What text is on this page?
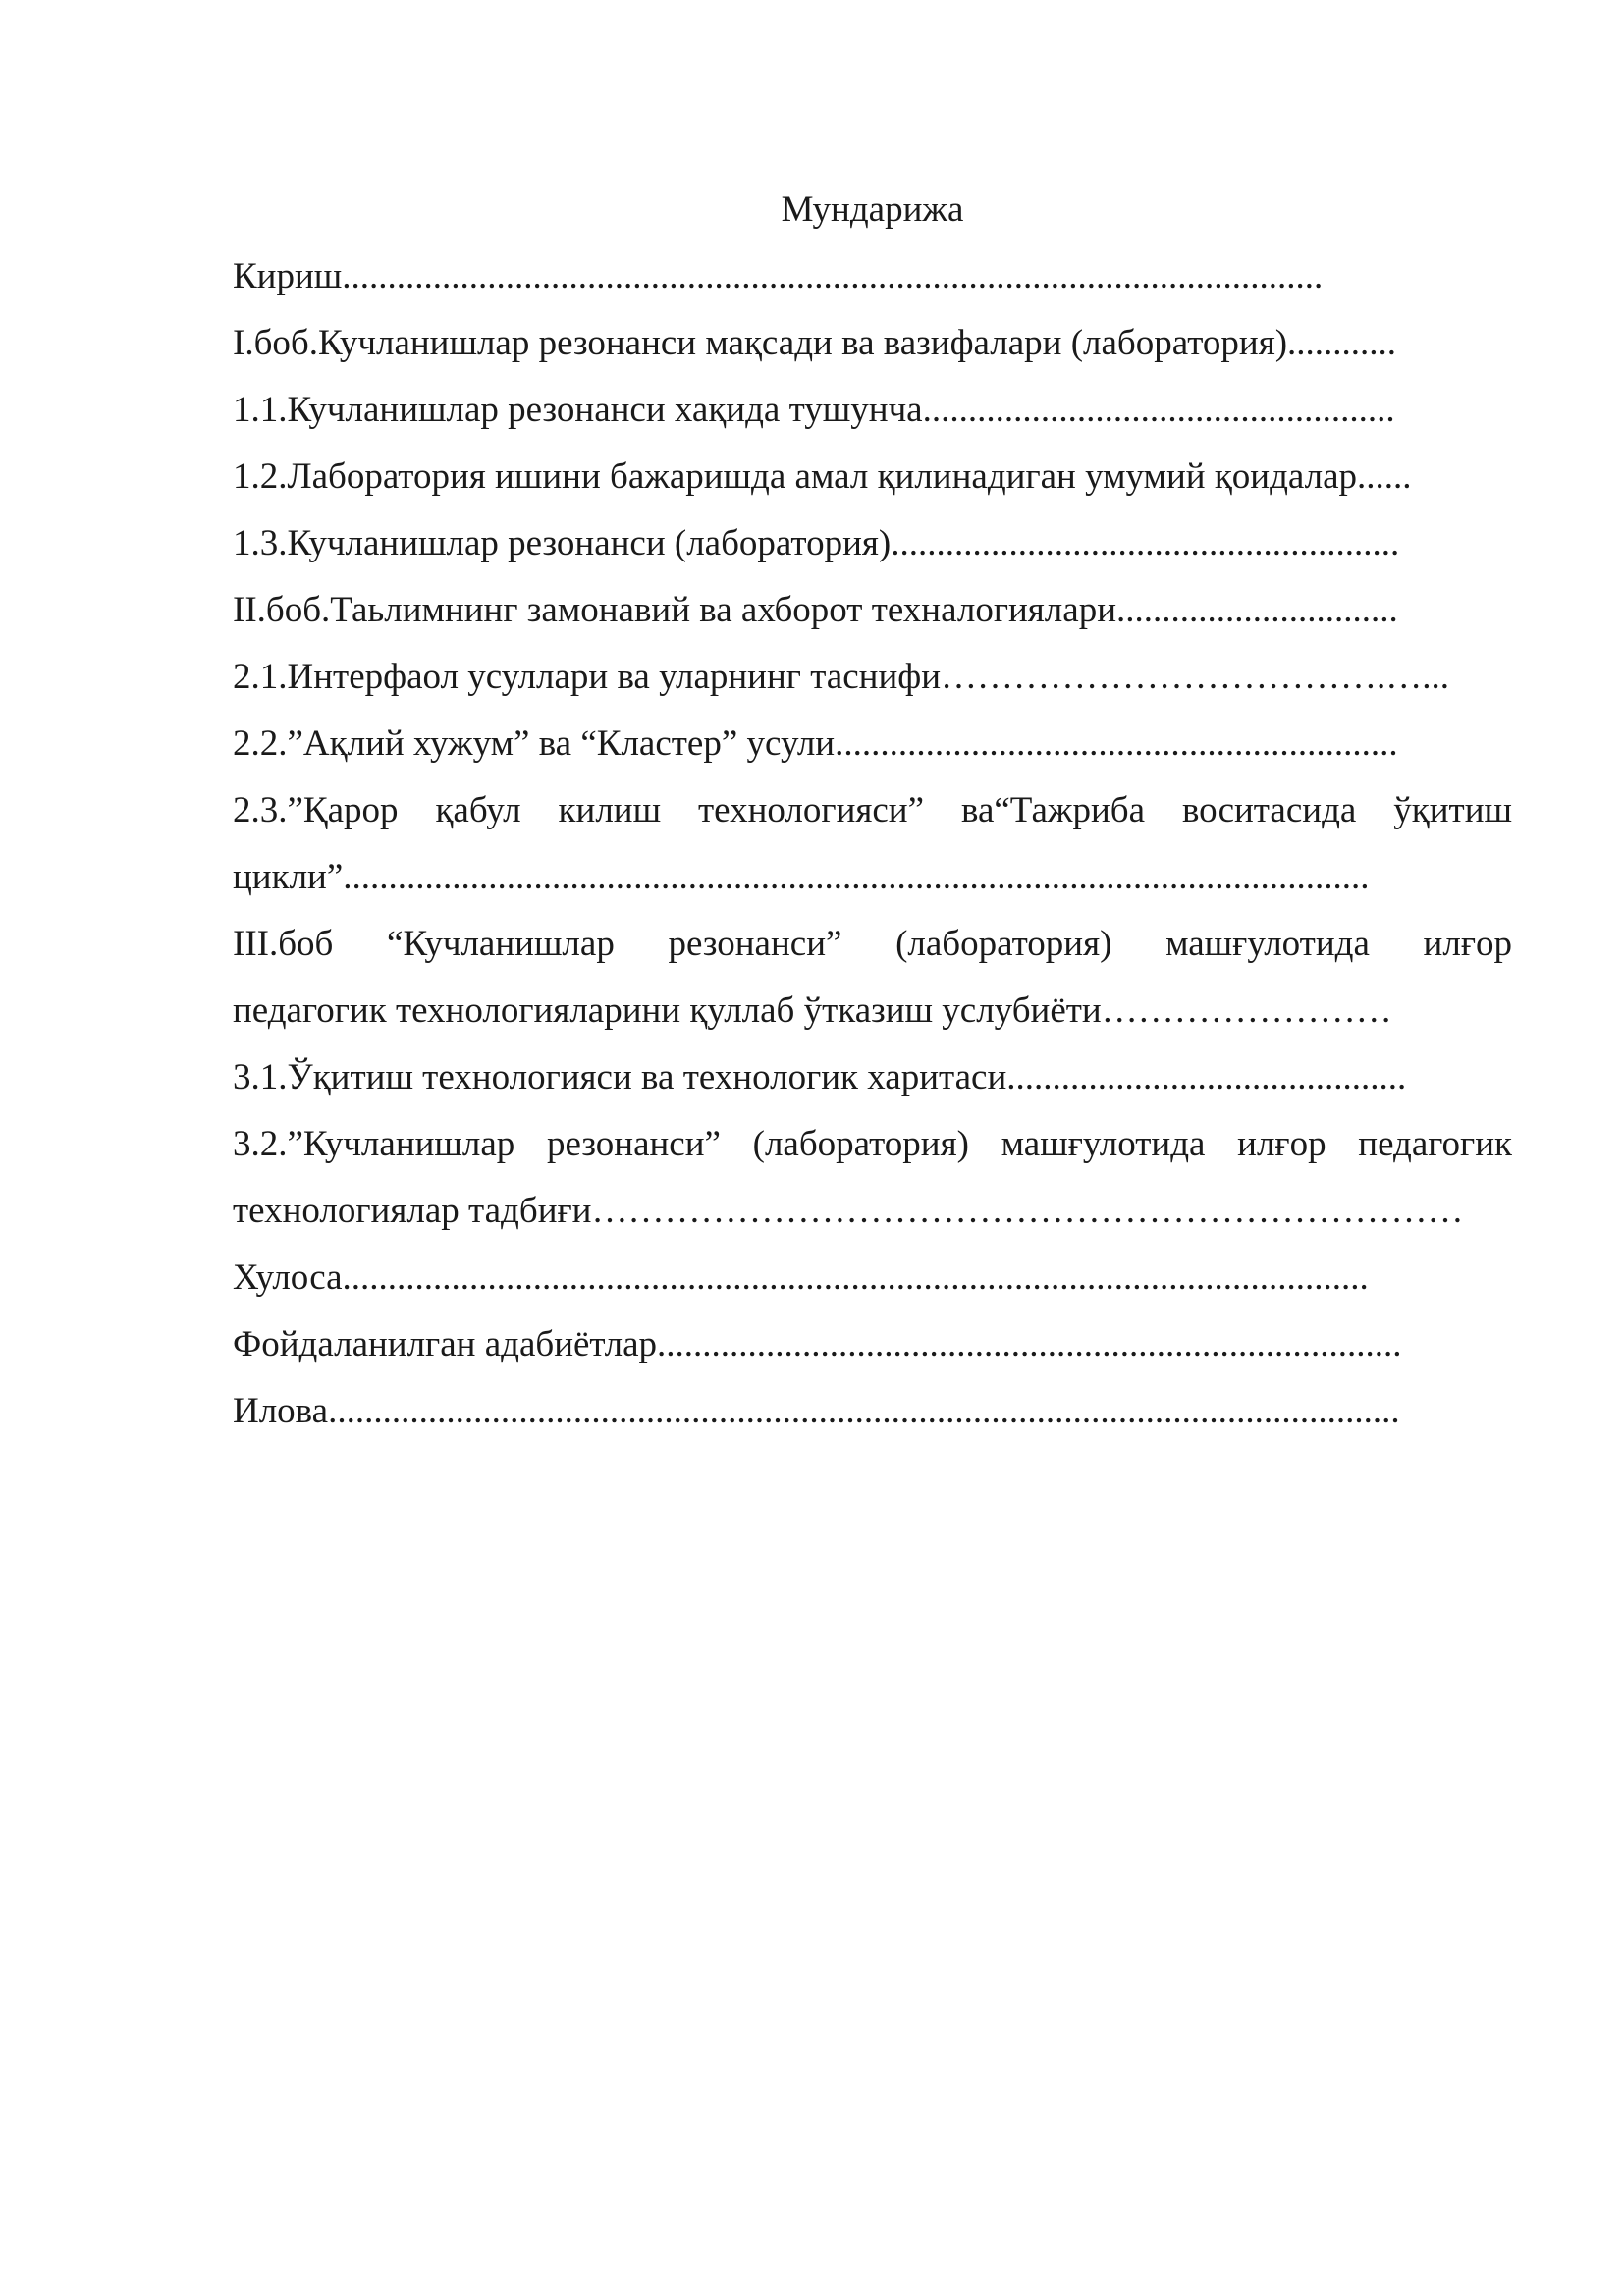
Мундарижа
Кириш............................................................................................................
I.боб.Кучланишлар резонанси мақсади ва вазифалари (лаборатория)............
1.1.Кучланишлар резонанси хақида тушунча....................................................
1.2.Лаборатория ишини бажаришда амал қилинадиган умумий қоидалар......
1.3.Кучланишлар резонанси (лаборатория)........................................................
II.боб.Таьлимнинг замонавий ва ахборот техналогиялари...............................
2.1.Интерфаол усуллари ва уларнинг таснифи……………………………….…...
2.2.”Ақлий хужум” ва “Кластер” усули..............................................................
2.3.”Қарор қабул килиш технологияси” ва“Тажриба воситасида ўқитиш
цикли”.................................................................................................................
III.боб “Кучланишлар резонанси” (лаборатория) машғулотида илғор
педагогик технологияларини қуллаб ўтказиш услубиёти……………………
3.1.Ўқитиш технологияси ва технологик харитаси............................................
3.2.”Кучланишлар резонанси” (лаборатория) машғулотида илғор педагогик
технологиялар тадбиғи………………………………………………………………
Хулоса.................................................................................................................
Фойдаланилган адабиётлар..................................................................................
Илова......................................................................................................................
